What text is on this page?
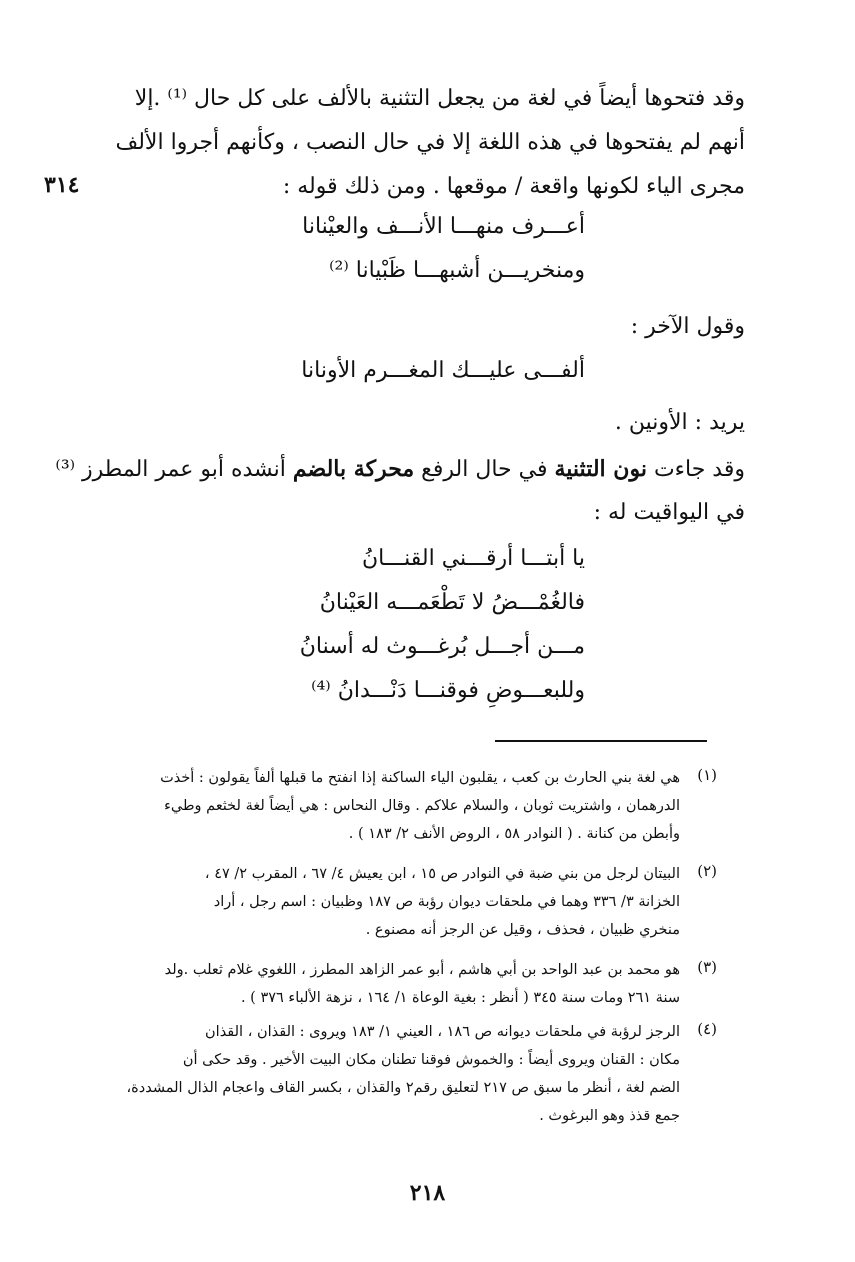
وقد فتحوها أيضاً في لغة من يجعل التثنية بالألف على كل حال ⁽¹⁾ .إلا
أنهم لم يفتحوها في هذه اللغة إلا في حال النصب ، وكأنهم أجروا الألف
مجرى الياء لكونها واقعة / موقعها . ومن ذلك قوله :
٣١٤
أعـــرف منهـــا الأنـــف والعيْنانا
ومنخريـــن أشبهـــا ظَبْيانا ⁽²⁾
وقول الآخر :
ألفـــى عليـــك المغـــرم الأونانا
يريد : الأونين .
وقد جاءت نون التثنية في حال الرفع محركة بالضم أنشده أبو عمر المطرز ⁽³⁾
في اليواقيت له :
يا أبتـــا أرقـــني القنـــانُ
فالغُمْـــضُ لا تَطْعَمـــه العَيْنانُ
مـــن أجـــل بُرغـــوث له أسنانُ
وللبعـــوضِ فوقنـــا دَنْـــدانُ ⁽⁴⁾
(١)
هي لغة بني الحارث بن كعب ، يقلبون الياء الساكنة إذا انفتح ما قبلها ألفاً يقولون : أخذت
الدرهمان ، واشتريت ثوبان ، والسلام علاكم . وقال النحاس : هي أيضاً لغة لخثعم وطيء
وأبطن من كنانة . ( النوادر ٥٨ ، الروض الأنف ٢/ ١٨٣ ) .
(٢)
البيتان لرجل من بني ضبة في النوادر ص ١٥ ، ابن يعيش ٤/ ٦٧ ، المقرب ٢/ ٤٧ ،
الخزانة ٣/ ٣٣٦ وهما في ملحقات ديوان رؤبة ص ١٨٧ وظبيان : اسم رجل ، أراد
منخري ظبيان ، فحذف ، وقيل عن الرجز أنه مصنوع .
(٣)
هو محمد بن عبد الواحد بن أبي هاشم ، أبو عمر الزاهد المطرز ، اللغوي غلام ثعلب .ولد
سنة ٢٦١ ومات سنة ٣٤٥ ( أنظر : بغية الوعاة ١/ ١٦٤ ، نزهة الألباء ٣٧٦ ) .
(٤)
الرجز لرؤبة في ملحقات ديوانه ص ١٨٦ ، العيني ١/ ١٨٣ ويروى : القذان ، القذان
مكان : القنان ويروى أيضاً : والخموش فوقنا تطنان مكان البيت الأخير . وقد حكى أن
الضم لغة ، أنظر ما سبق ص ٢١٧ لتعليق رقم٢ والقذان ، بكسر القاف واعجام الذال المشددة،
جمع قذذ وهو البرغوث .
٢١٨
